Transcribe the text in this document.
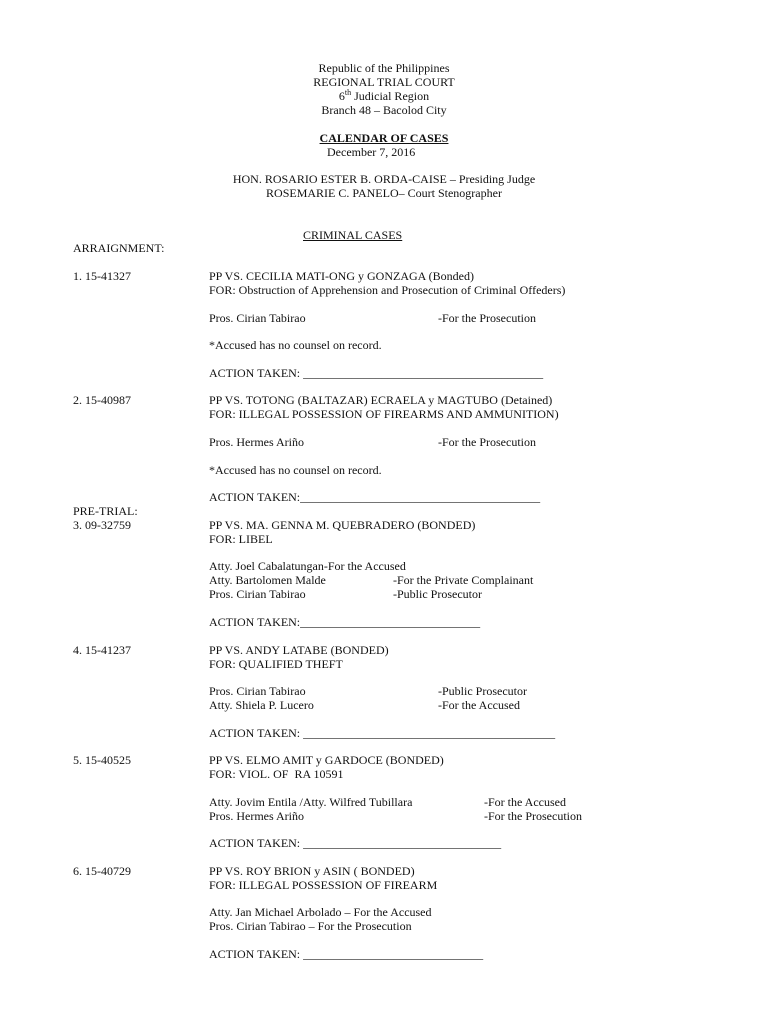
Republic of the Philippines
REGIONAL TRIAL COURT
6th Judicial Region
Branch 48 – Bacolod City
CALENDAR OF CASES
December 7, 2016
HON. ROSARIO ESTER B. ORDA-CAISE – Presiding Judge
ROSEMARIE C. PANELO– Court Stenographer
CRIMINAL CASES
ARRAIGNMENT:
1. 15-41327	PP VS. CECILIA MATI-ONG y GONZAGA (Bonded)
FOR: Obstruction of Apprehension and Prosecution of Criminal Offeders)
Pros. Cirian Tabirao	-For the Prosecution
*Accused has no counsel on record.
ACTION TAKEN: ________________________________________
2. 15-40987	PP VS. TOTONG (BALTAZAR) ECRAELA y MAGTUBO (Detained)
FOR: ILLEGAL POSSESSION OF FIREARMS AND AMMUNITION)
Pros. Hermes Ariño	-For the Prosecution
*Accused has no counsel on record.
ACTION TAKEN:________________________________________
PRE-TRIAL:
3. 09-32759	PP VS. MA. GENNA M. QUEBRADERO (BONDED)
FOR: LIBEL
Atty. Joel Cabalatungan-For the Accused
Atty. Bartolomen Malde	-For the Private Complainant
Pros. Cirian Tabirao	-Public Prosecutor
ACTION TAKEN:______________________________
4. 15-41237	PP VS. ANDY LATABE (BONDED)
FOR: QUALIFIED THEFT
Pros. Cirian Tabirao	-Public Prosecutor
Atty. Shiela P. Lucero	-For the Accused
ACTION TAKEN: __________________________________________
5. 15-40525	PP VS. ELMO AMIT y GARDOCE (BONDED)
FOR: VIOL. OF  RA 10591
Atty. Jovim Entila /Atty. Wilfred Tubillara	-For the Accused
Pros. Hermes Ariño	-For the Prosecution
ACTION TAKEN: _________________________________
6. 15-40729	PP VS. ROY BRION y ASIN ( BONDED)
FOR: ILLEGAL POSSESSION OF FIREARM
Atty. Jan Michael Arbolado – For the Accused
Pros. Cirian Tabirao – For the Prosecution
ACTION TAKEN: ______________________________
